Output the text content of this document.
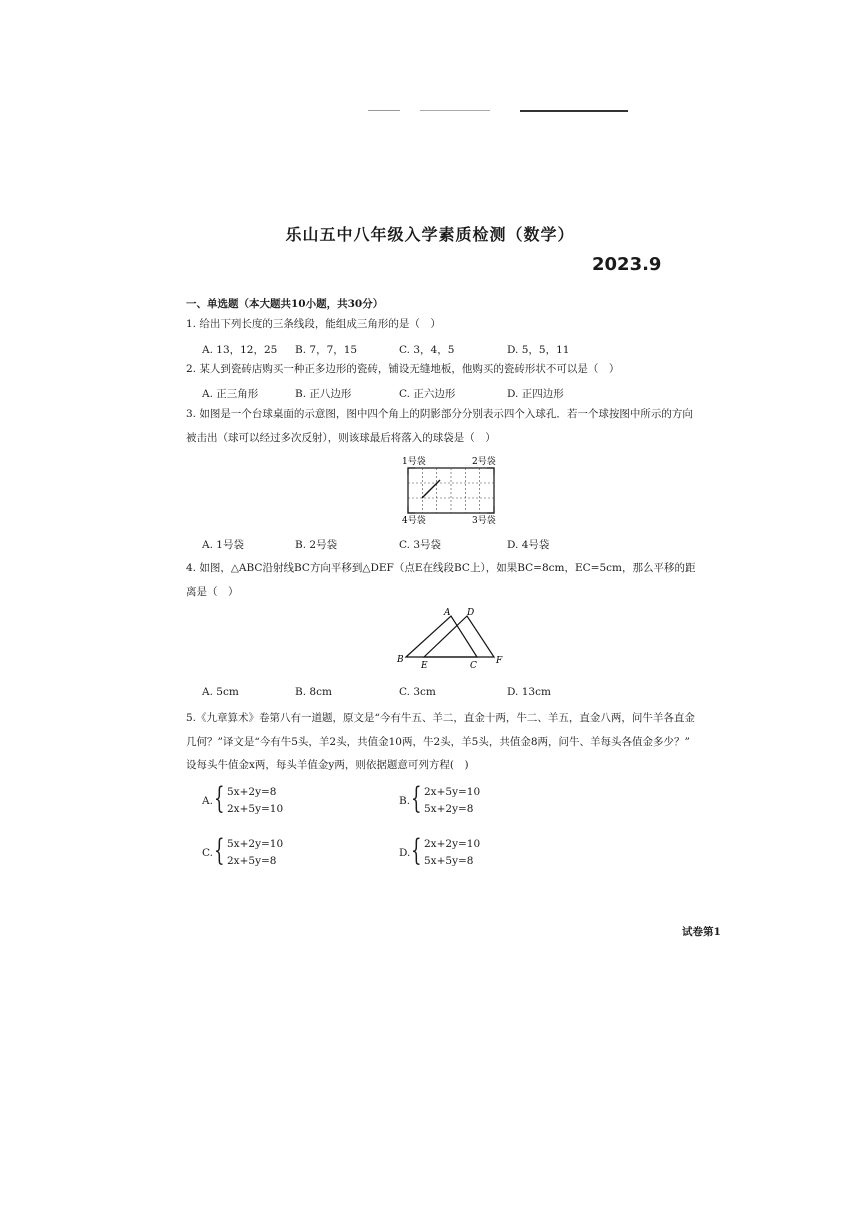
乐山五中八年级入学素质检测（数学）
2023.9
一、单选题（本大题共10小题，共30分）
1. 给出下列长度的三条线段，能组成三角形的是（　）
A. 13，12，25 B. 7，7，15	C. 3，4，5	D. 5，5，11
2. 某人到瓷砖店购买一种正多边形的瓷砖，铺设无缝地板，他购买的瓷砖形状不可以是（　）
A. 正三角形	B. 正八边形	C. 正六边形	D. 正四边形
3. 如图是一个台球桌面的示意图，图中四个角上的阴影部分分别表示四个入球孔．若一个球按图中所示的方向
被击出（球可以经过多次反射），则该球最后将落入的球袋是（　）
1号袋	2号袋
4号袋	3号袋
A. 1号袋	B. 2号袋	C. 3号袋	D. 4号袋
4. 如图，△ABC沿射线BC方向平移到△DEF（点E在线段BC上），如果BC=8cm，EC=5cm，那么平移的距
离是（　）
A D
B
E	C F
A. 5cm	B. 8cm	C. 3cm	D. 13cm
5.《九章算术》卷第八有一道题，原文是“今有牛五、羊二，直金十两，牛二、羊五，直金八两，问牛羊各直金
几何？”译文是“今有牛5头，羊2头，共值金10两，牛2头，羊5头，共值金8两，问牛、羊每头各值金多少？”
设每头牛值金x两，每头羊值金y两，则依据题意可列方程(　)
A. { 5x+2y=8
2x+5y=10
B. { 2x+5y=10
5x+2y=8
C. { 5x+2y=10
2x+5y=8
D. { 2x+2y=10
5x+5y=8
试卷第1
